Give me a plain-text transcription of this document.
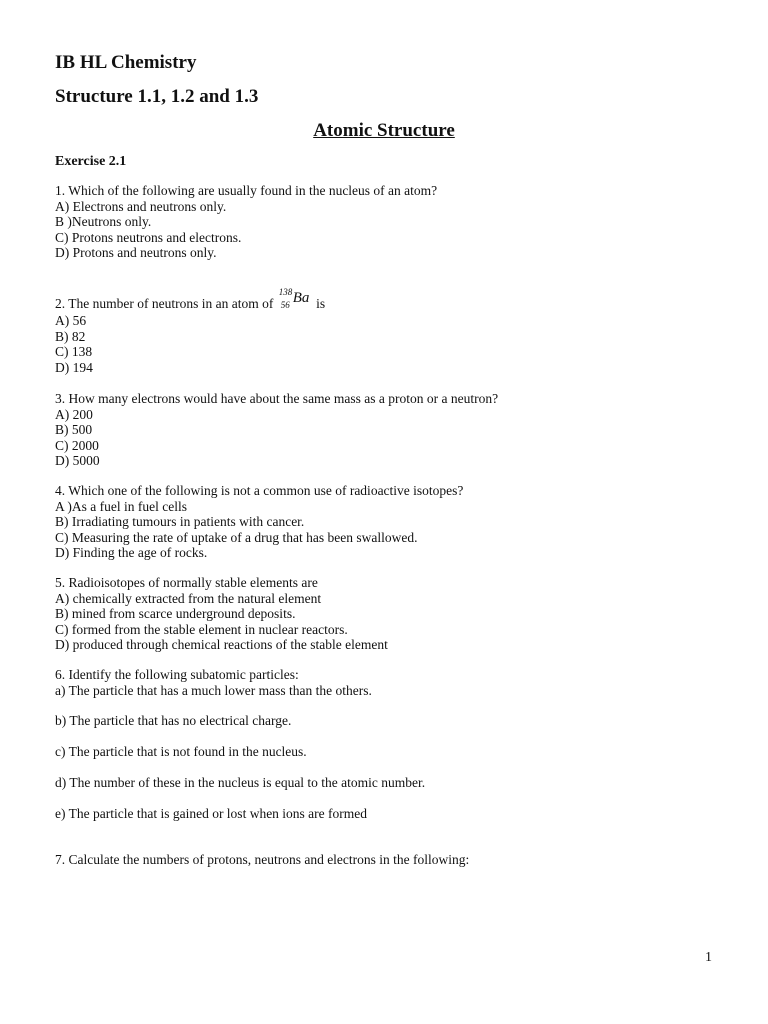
IB HL Chemistry
Structure 1.1, 1.2 and 1.3
Atomic Structure
Exercise 2.1
1. Which of the following are usually found in the nucleus of an atom?
A) Electrons and neutrons only.
B )Neutrons only.
C) Protons neutrons and electrons.
D) Protons and neutrons only.
2. The number of neutrons in an atom of
138
56 Ba is
A) 56
B) 82
C) 138
D) 194
3. How many electrons would have about the same mass as a proton or a neutron?
A) 200
B) 500
C) 2000
D) 5000
4. Which one of the following is not a common use of radioactive isotopes?
A )As a fuel in fuel cells
B) Irradiating tumours in patients with cancer.
C) Measuring the rate of uptake of a drug that has been swallowed.
D) Finding the age of rocks.
5. Radioisotopes of normally stable elements are
A) chemically extracted from the natural element
B) mined from scarce underground deposits.
C) formed from the stable element in nuclear reactors.
D) produced through chemical reactions of the stable element
6. Identify the following subatomic particles:
a) The particle that has a much lower mass than the others.
b) The particle that has no electrical charge.
c) The particle that is not found in the nucleus.
d) The number of these in the nucleus is equal to the atomic number.
e) The particle that is gained or lost when ions are formed
7. Calculate the numbers of protons, neutrons and electrons in the following:
1
